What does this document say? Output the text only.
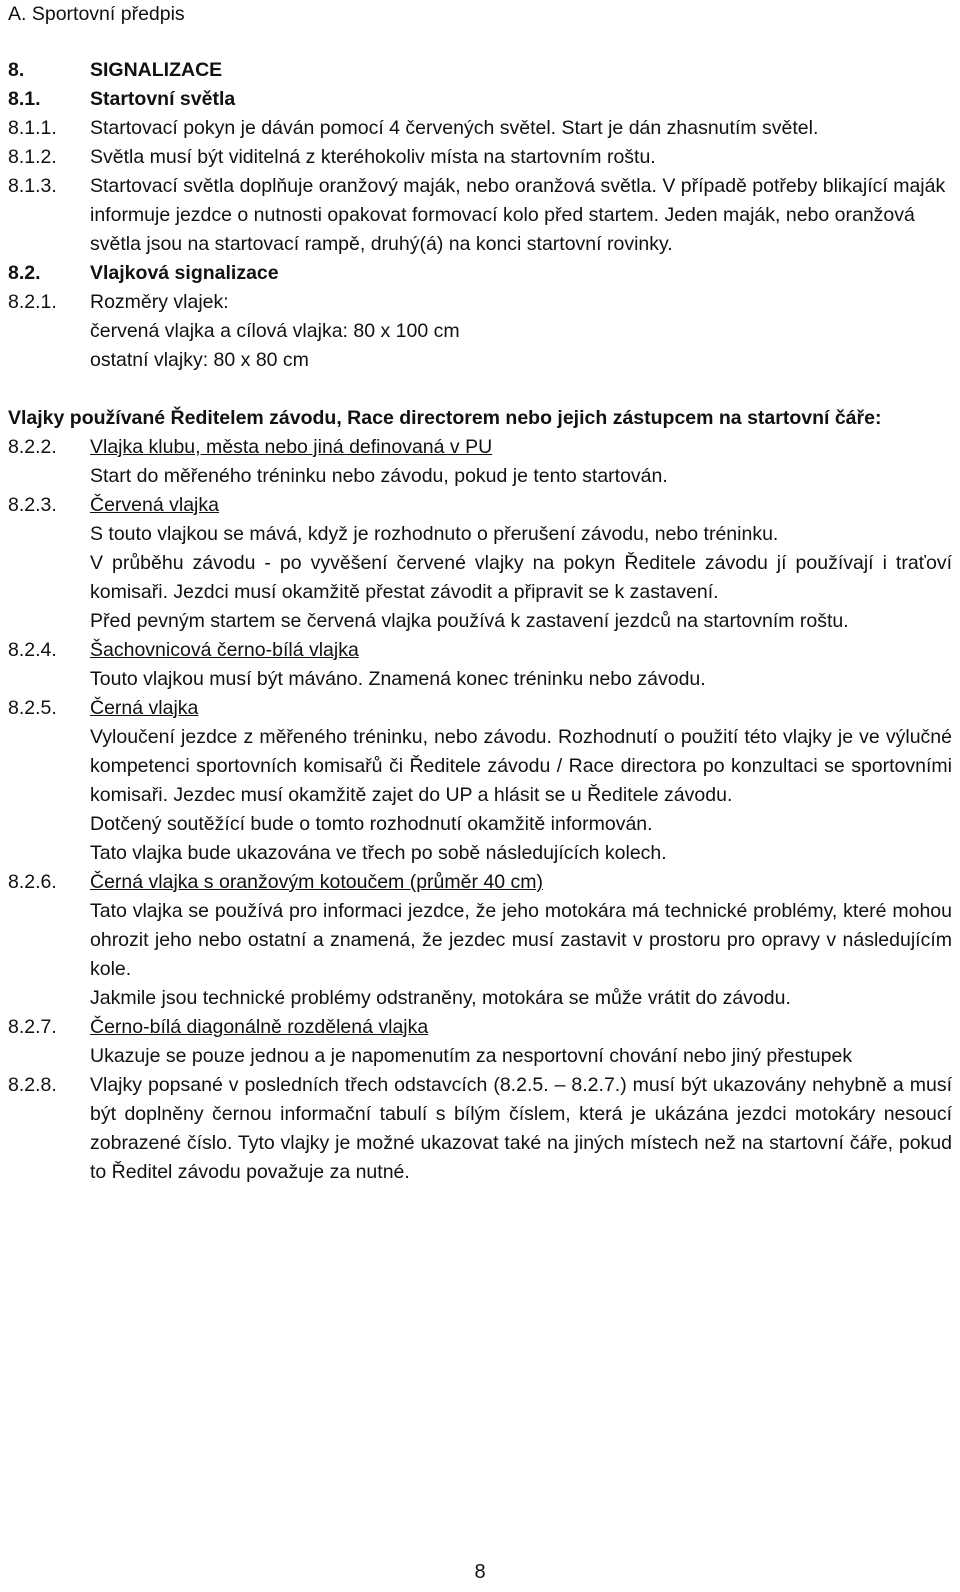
A. Sportovní předpis
8.	SIGNALIZACE
8.1.	Startovní světla
8.1.1.	Startovací pokyn je dáván pomocí 4 červených světel. Start je dán zhasnutím světel.
8.1.2.	Světla musí být viditelná z kteréhokoliv místa na startovním roštu.
8.1.3.	Startovací světla doplňuje oranžový maják, nebo oranžová světla. V případě potřeby blikající maják informuje jezdce o nutnosti opakovat formovací kolo před startem. Jeden maják, nebo oranžová světla jsou na startovací rampě, druhý(á) na konci startovní rovinky.
8.2.	Vlajková signalizace
8.2.1.	Rozměry vlajek:
červená vlajka a cílová vlajka: 80 x 100 cm
ostatní vlajky: 80 x 80 cm
Vlajky používané Ředitelem závodu, Race directorem nebo jejich zástupcem na startovní čáře:
8.2.2.	Vlajka klubu, města nebo jiná definovaná v PU
Start do měřeného tréninku nebo závodu, pokud je tento startován.
8.2.3.	Červená vlajka
S touto vlajkou se mává, když je rozhodnuto o přerušení závodu, nebo tréninku.
V průběhu závodu - po vyvěšení červené vlajky na pokyn Ředitele závodu jí používají i traťoví komisaři. Jezdci musí okamžitě přestat závodit a připravit se k zastavení.
Před pevným startem se červená vlajka používá k zastavení jezdců na startovním roštu.
8.2.4.	Šachovnicová černo-bílá vlajka
Touto vlajkou musí být máváno. Znamená konec tréninku nebo závodu.
8.2.5.	Černá vlajka
Vyloučení jezdce z měřeného tréninku, nebo závodu. Rozhodnutí o použití této vlajky je ve výlučné kompetenci sportovních komisařů či Ředitele závodu / Race directora po konzultaci se sportovními komisaři. Jezdec musí okamžitě zajet do UP a hlásit se u Ředitele závodu.
Dotčený soutěžící bude o tomto rozhodnutí okamžitě informován.
Tato vlajka bude ukazována ve třech po sobě následujících kolech.
8.2.6.	Černá vlajka s oranžovým kotoučem (průměr 40 cm)
Tato vlajka se používá pro informaci jezdce, že jeho motokára má technické problémy, které mohou ohrozit jeho nebo ostatní a znamená, že jezdec musí zastavit v prostoru pro opravy v následujícím kole.
Jakmile jsou technické problémy odstraněny, motokára se může vrátit do závodu.
8.2.7.	Černo-bílá diagonálně rozdělená vlajka
Ukazuje se pouze jednou a je napomenutím za nesportovní chování nebo jiný přestupek
8.2.8.	Vlajky popsané v posledních třech odstavcích (8.2.5. – 8.2.7.) musí být ukazovány nehybně a musí být doplněny černou informační tabulí s bílým číslem, která je ukázána jezdci motokáry nesoucí zobrazené číslo. Tyto vlajky je možné ukazovat také na jiných místech než na startovní čáře, pokud to Ředitel závodu považuje za nutné.
8
